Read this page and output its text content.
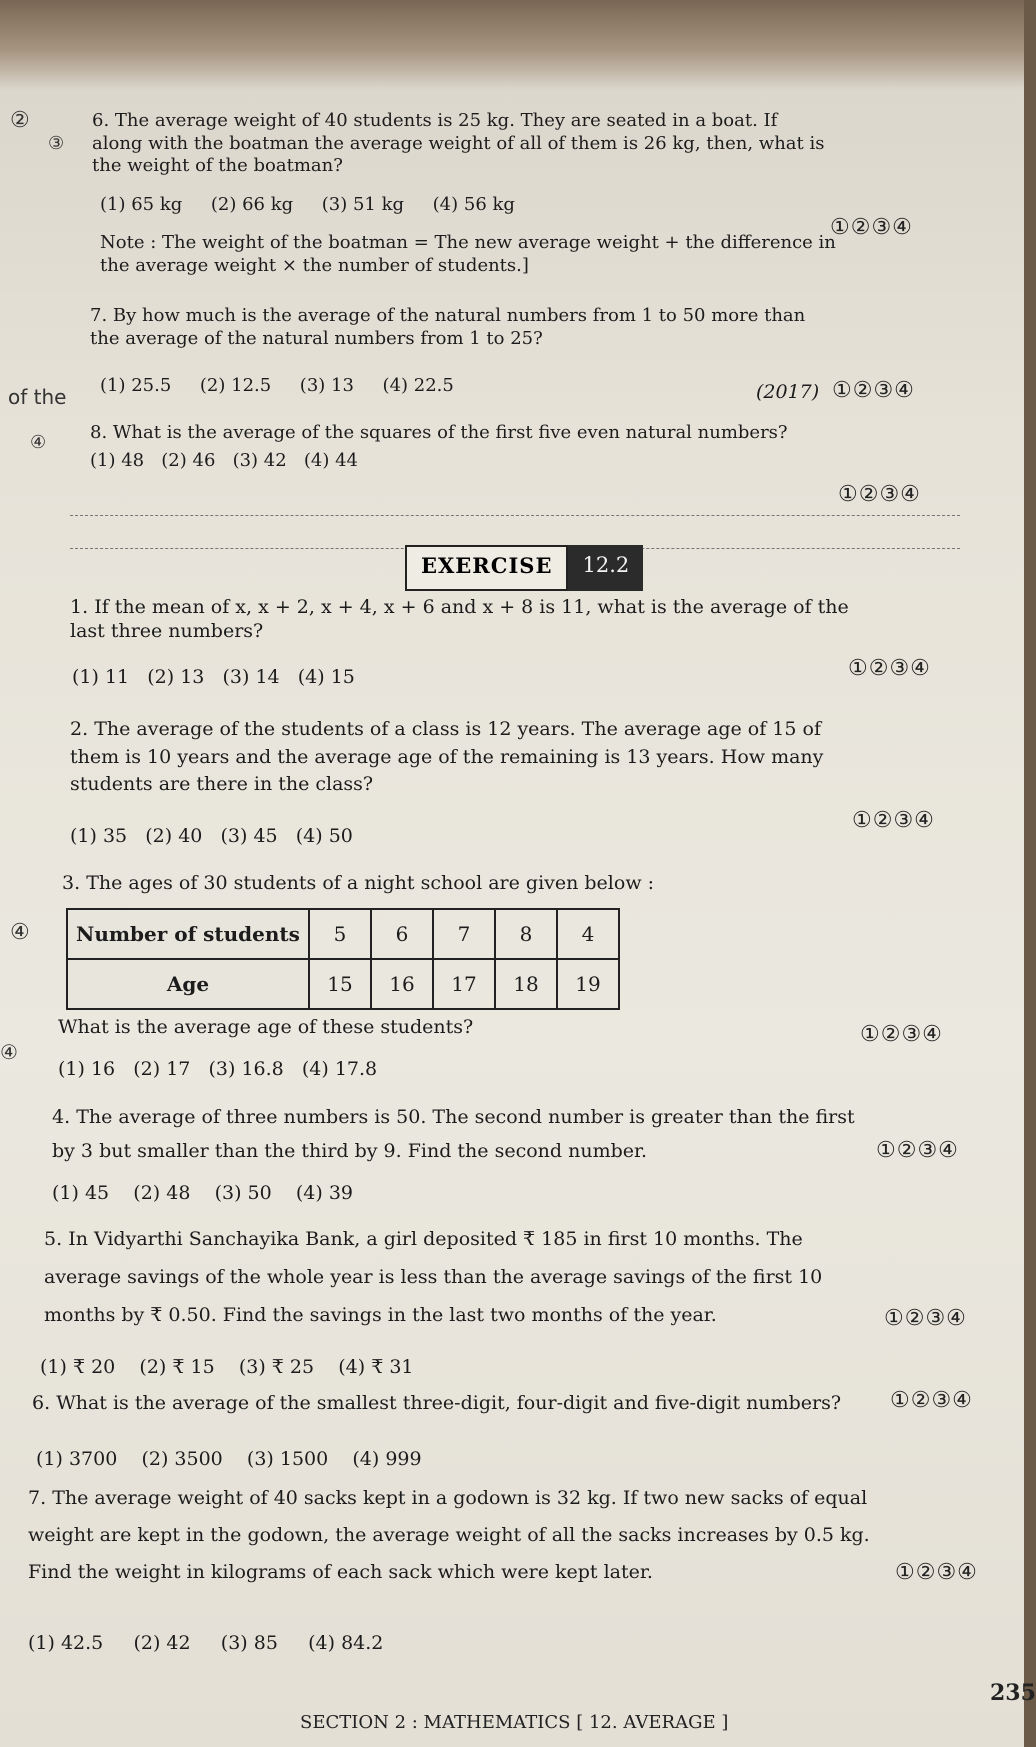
②
③
of the
④
④
④
6. The average weight of 40 students is 25 kg. They are seated in a boat. If along with the boatman the average weight of all of them is 26 kg, then, what is the weight of the boatman?
(1) 65 kg     (2) 66 kg     (3) 51 kg     (4) 56 kg
①②③④
Note : The weight of the boatman = The new average weight + the difference in the average weight × the number of students.]
7. By how much is the average of the natural numbers from 1 to 50 more than the average of the natural numbers from 1 to 25?
(1) 25.5     (2) 12.5     (3) 13     (4) 22.5	(2017) ①②③④
8. What is the average of the squares of the first five even natural numbers?
(1) 48   (2) 46   (3) 42   (4) 44
①②③④
EXERCISE	12.2
1. If the mean of x, x + 2, x + 4, x + 6 and x + 8 is 11, what is the average of the last three numbers?
(1) 11   (2) 13   (3) 14   (4) 15	①②③④
2. The average of the students of a class is 12 years. The average age of 15 of them is 10 years and the average age of the remaining is 13 years. How many students are there in the class?
(1) 35   (2) 40   (3) 45   (4) 50
①②③④
3. The ages of 30 students of a night school are given below :
Number of students	5	6	7	8	4
Age	15	16	17	18	19
What is the average age of these students?
(1) 16   (2) 17   (3) 16.8   (4) 17.8
①②③④
4. The average of three numbers is 50. The second number is greater than the first by 3 but smaller than the third by 9. Find the second number.
(1) 45    (2) 48    (3) 50    (4) 39
①②③④
5. In Vidyarthi Sanchayika Bank, a girl deposited ₹ 185 in first 10 months. The average savings of the whole year is less than the average savings of the first 10 months by ₹ 0.50. Find the savings in the last two months of the year.
(1) ₹ 20    (2) ₹ 15    (3) ₹ 25    (4) ₹ 31
①②③④
6. What is the average of the smallest three-digit, four-digit and five-digit numbers?	①②③④
(1) 3700    (2) 3500    (3) 1500    (4) 999
7. The average weight of 40 sacks kept in a godown is 32 kg. If two new sacks of equal weight are kept in the godown, the average weight of all the sacks increases by 0.5 kg. Find the weight in kilograms of each sack which were kept later.	①②③④
(1) 42.5     (2) 42     (3) 85     (4) 84.2
235
SECTION 2 : MATHEMATICS [ 12. AVERAGE ]
